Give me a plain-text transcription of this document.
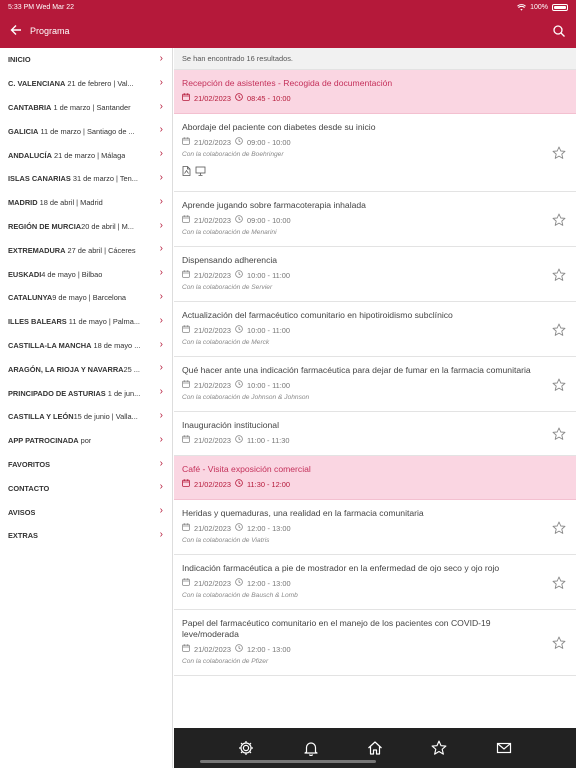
5:33 PM Wed Mar 22	100%
Programa
INICIO	›
C. VALENCIANA 21 de febrero | Val...	›
CANTABRIA 1 de marzo | Santander	›
GALICIA 11 de marzo | Santiago de ... ›
ANDALUCÍA 21 de marzo | Málaga	›
ISLAS CANARIAS 31 de marzo | Ten... ›
MADRID 18 de abril | Madrid	›
REGIÓN DE MURCIA20 de abril | M...	›
EXTREMADURA 27 de abril | Cáceres ›
EUSKADI4 de mayo | Bilbao	›
CATALUNYA9 de mayo | Barcelona	›
ILLES BALEARS 11 de mayo | Palma... ›
CASTILLA-LA MANCHA 18 de mayo ... ›
ARAGÓN, LA RIOJA Y NAVARRA25 ... ›
PRINCIPADO DE ASTURIAS 1 de jun... ›
CASTILLA Y LEÓN15 de junio | Valla... ›
APP PATROCINADA por	›
FAVORITOS	›
CONTACTO	›
AVISOS	›
EXTRAS	›
Se han encontrado 16 resultados.
Recepción de asistentes - Recogida de documentación
21/02/2023 08:45 - 10:00
Abordaje del paciente con diabetes desde su inicio
21/02/2023 09:00 - 10:00
Con la colaboración de Boehringer
Aprende jugando sobre farmacoterapia inhalada
21/02/2023 09:00 - 10:00
Con la colaboración de Menarini
Dispensando adherencia
21/02/2023 10:00 - 11:00
Con la colaboración de Servier
Actualización del farmacéutico comunitario en hipotiroidismo subclínico
21/02/2023 10:00 - 11:00
Con la colaboración de Merck
Qué hacer ante una indicación farmacéutica para dejar de fumar en la farmacia comunitaria
21/02/2023 10:00 - 11:00
Con la colaboración de Johnson & Johnson
Inauguración institucional
21/02/2023 11:00 - 11:30
Café - Visita exposición comercial
21/02/2023 11:30 - 12:00
Heridas y quemaduras, una realidad en la farmacia comunitaria
21/02/2023 12:00 - 13:00
Con la colaboración de Viatris
Indicación farmacéutica a pie de mostrador en la enfermedad de ojo seco y ojo rojo
21/02/2023 12:00 - 13:00
Con la colaboración de Bausch & Lomb
Papel del farmacéutico comunitario en el manejo de los pacientes con COVID-19 leve/moderada
21/02/2023 12:00 - 13:00
Con la colaboración de Pfizer
